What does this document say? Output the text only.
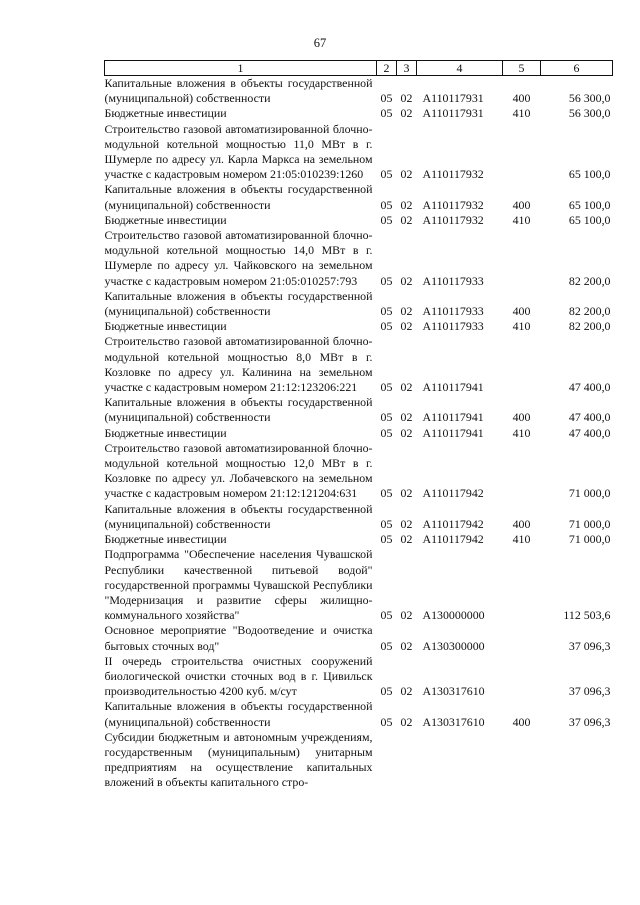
67
1	2	3	4	5	6
Капитальные вложения в объекты государственной (муниципальной) собственности	05	02	А110117931	400	56 300,0
Бюджетные инвестиции	05	02	А110117931	410	56 300,0
Строительство газовой автоматизированной блочно-модульной котельной мощностью 11,0 МВт в г. Шумерле по адресу ул. Карла Маркса на земельном участке с кадастровым номером 21:05:010239:1260	05	02	А110117932		65 100,0
Капитальные вложения в объекты государственной (муниципальной) собственности	05	02	А110117932	400	65 100,0
Бюджетные инвестиции	05	02	А110117932	410	65 100,0
Строительство газовой автоматизированной блочно-модульной котельной мощностью 14,0 МВт в г. Шумерле по адресу ул. Чайковского на земельном участке с кадастровым номером 21:05:010257:793	05	02	А110117933		82 200,0
Капитальные вложения в объекты государственной (муниципальной) собственности	05	02	А110117933	400	82 200,0
Бюджетные инвестиции	05	02	А110117933	410	82 200,0
Строительство газовой автоматизированной блочно-модульной котельной мощностью 8,0 МВт в г. Козловке по адресу ул. Калинина на земельном участке с кадастровым номером 21:12:123206:221	05	02	А110117941		47 400,0
Капитальные вложения в объекты государственной (муниципальной) собственности	05	02	А110117941	400	47 400,0
Бюджетные инвестиции	05	02	А110117941	410	47 400,0
Строительство газовой автоматизированной блочно-модульной котельной мощностью 12,0 МВт в г. Козловке по адресу ул. Лобачевского на земельном участке с кадастровым номером 21:12:121204:631	05	02	А110117942		71 000,0
Капитальные вложения в объекты государственной (муниципальной) собственности	05	02	А110117942	400	71 000,0
Бюджетные инвестиции	05	02	А110117942	410	71 000,0
Подпрограмма "Обеспечение населения Чувашской Республики качественной питьевой водой" государственной программы Чувашской Республики "Модернизация и развитие сферы жилищно-коммунального хозяйства"	05	02	А130000000		112 503,6
Основное мероприятие "Водоотведение и очистка бытовых сточных вод"	05	02	А130300000		37 096,3
II очередь строительства очистных сооружений биологической очистки сточных вод в г. Цивильск производительностью 4200 куб. м/сут	05	02	А130317610		37 096,3
Капитальные вложения в объекты государственной (муниципальной) собственности	05	02	А130317610	400	37 096,3
Субсидии бюджетным и автономным учреждениям, государственным (муниципальным) унитарным предприятиям на осуществление капитальных вложений в объекты капитального стро-					
